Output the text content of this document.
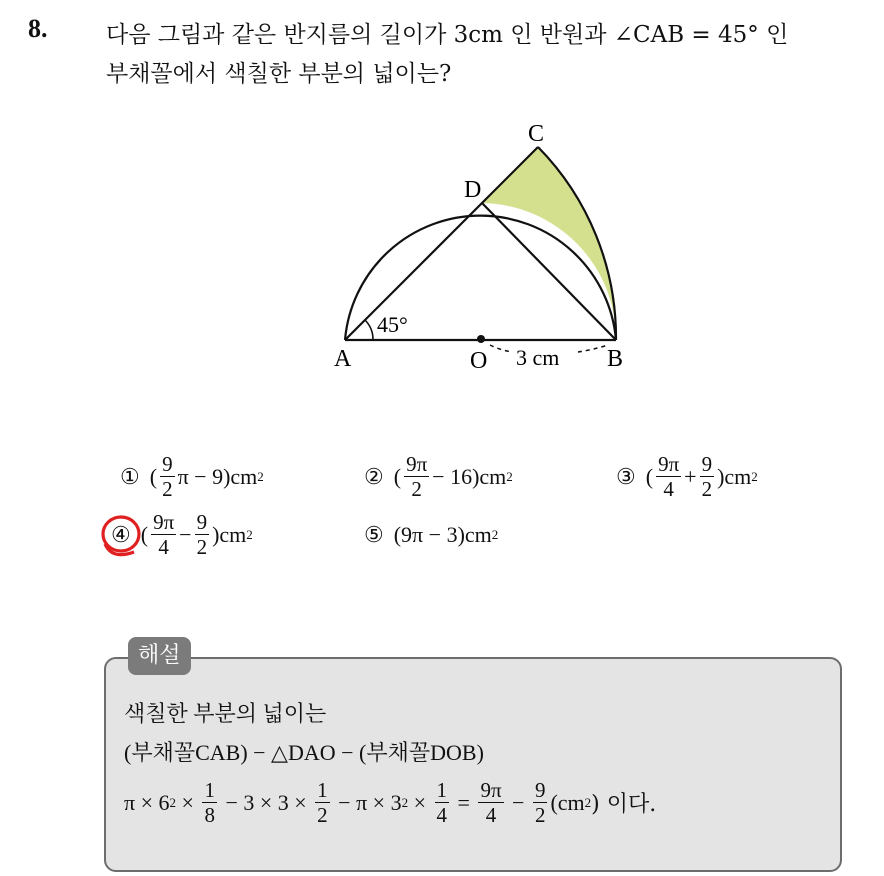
8.	다음 그림과 같은 반지름의 길이가 3cm 인 반원과 ∠CAB = 45° 인
부채꼴에서 색칠한 부분의 넓이는?
C
D
A	O	B
45°
3 cm
① ( $\frac{9}{2}$ π − 9)cm 2	② ( $\frac{9\pi}{2} - 16)cm$ 2	③ ( $\frac{9\pi}{4} + \frac{9}{2} )cm$ 2
④ ( $\frac{9\pi}{4} - \frac{9}{2} )cm$ 2	⑤ (9π − 3)cm 2
해설
색칠한 부분의 넓이는
(부채꼴CAB) − △DAO − (부채꼴DOB)
π × 6 $2 \times \frac{1}{8} - 3 \times 3 \times \frac{1}{2} - \pi \times 3$ $2 \times \frac{1}{4} = \frac{9\pi}{4} - \frac{9}{2} (cm$ 2 ) 이다.
